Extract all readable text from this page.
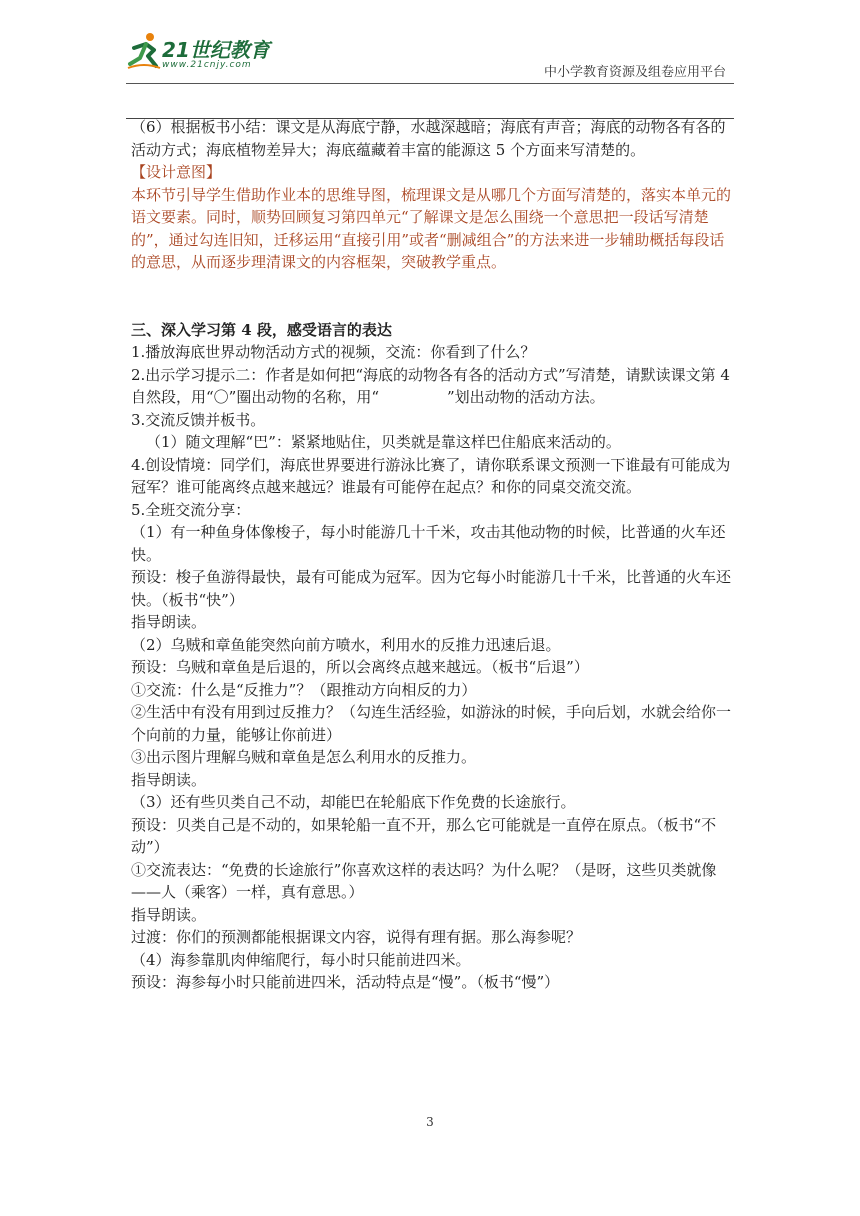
21世纪教育
www.21cnjy.com	中小学教育资源及组卷应用平台

（6）根据板书小结：课文是从海底宁静，水越深越暗；海底有声音；海底的动物各有各的活动方式；海底植物差异大；海底蕴藏着丰富的能源这 5 个方面来写清楚的。

【设计意图】

本环节引导学生借助作业本的思维导图，梳理课文是从哪几个方面写清楚的，落实本单元的语文要素。同时，顺势回顾复习第四单元“了解课文是怎么围绕一个意思把一段话写清楚的”，通过勾连旧知，迁移运用“直接引用”或者“删减组合”的方法来进一步辅助概括每段话的意思，从而逐步理清课文的内容框架，突破教学重点。

三、深入学习第 4 段，感受语言的表达

1.播放海底世界动物活动方式的视频，交流：你看到了什么？

2.出示学习提示二：作者是如何把“海底的动物各有各的活动方式”写清楚，请默读课文第 4 自然段，用“〇”圈出动物的名称，用“	”划出动物的活动方法。

3.交流反馈并板书。

（1）随文理解“巴”：紧紧地贴住，贝类就是靠这样巴住船底来活动的。

4.创设情境：同学们，海底世界要进行游泳比赛了，请你联系课文预测一下谁最有可能成为冠军？谁可能离终点越来越远？谁最有可能停在起点？和你的同桌交流交流。

5.全班交流分享：

（1）有一种鱼身体像梭子，每小时能游几十千米，攻击其他动物的时候，比普通的火车还快。

预设：梭子鱼游得最快，最有可能成为冠军。因为它每小时能游几十千米，比普通的火车还快。（板书“快”）

指导朗读。

（2）乌贼和章鱼能突然向前方喷水，利用水的反推力迅速后退。

预设：乌贼和章鱼是后退的，所以会离终点越来越远。（板书“后退”）

①交流：什么是“反推力”？（跟推动方向相反的力）

②生活中有没有用到过反推力？（勾连生活经验，如游泳的时候，手向后划，水就会给你一个向前的力量，能够让你前进）

③出示图片理解乌贼和章鱼是怎么利用水的反推力。

指导朗读。

（3）还有些贝类自己不动，却能巴在轮船底下作免费的长途旅行。

预设：贝类自己是不动的，如果轮船一直不开，那么它可能就是一直停在原点。（板书“不动”）

①交流表达：“免费的长途旅行”你喜欢这样的表达吗？为什么呢？（是呀，这些贝类就像——人（乘客）一样，真有意思。）

指导朗读。

过渡：你们的预测都能根据课文内容，说得有理有据。那么海参呢？

（4）海参靠肌肉伸缩爬行，每小时只能前进四米。

预设：海参每小时只能前进四米，活动特点是“慢”。（板书“慢”）

3
